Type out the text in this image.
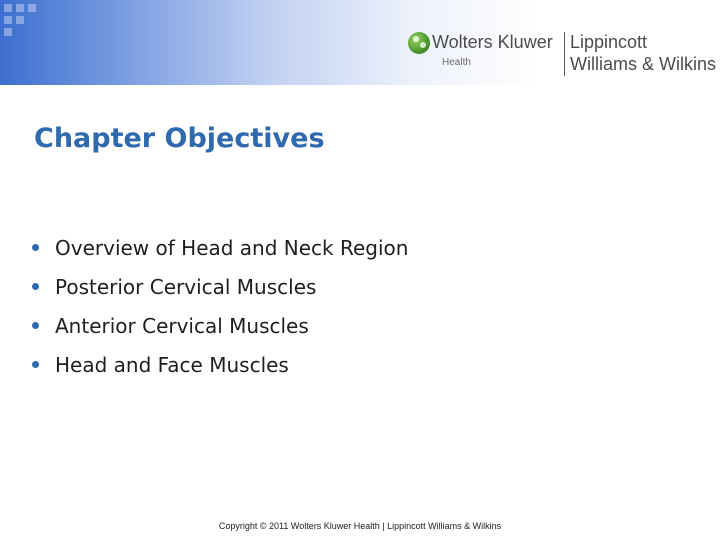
Wolters Kluwer
Health
Lippincott
Williams & Wilkins
Chapter Objectives
Overview of Head and Neck Region
Posterior Cervical Muscles
Anterior Cervical Muscles
Head and Face Muscles
Copyright © 2011 Wolters Kluwer Health | Lippincott Williams & Wilkins
